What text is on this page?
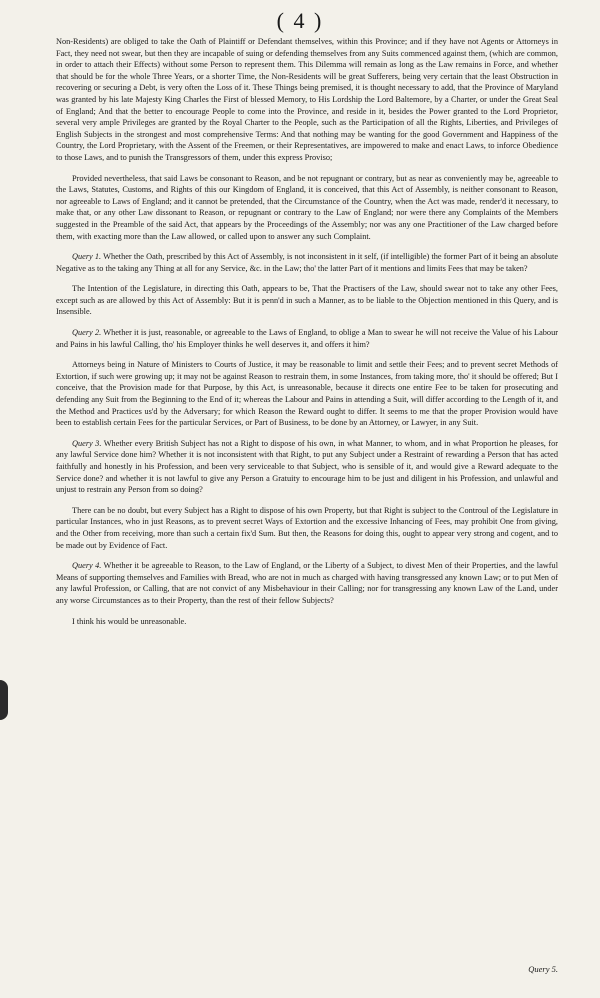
( 4 )

Non-Residents) are obliged to take the Oath of Plaintiff or Defendant themselves, within this Province; and if they have not Agents or Attorneys in Fact, they need not swear, but then they are incapable of suing or defending themselves from any Suits commenced against them, (which are common, in order to attach their Effects) without some Person to represent them. This Dilemma will remain as long as the Law remains in Force, and whether that should be for the whole Three Years, or a shorter Time, the Non-Residents will be great Sufferers, being very certain that the least Obstruction in recovering or securing a Debt, is very often the Loss of it. These Things being premised, it is thought necessary to add, that the Province of Maryland was granted by his late Majesty King Charles the First of blessed Memory, to His Lordship the Lord Baltemore, by a Charter, or under the Great Seal of England; And that the better to encourage People to come into the Province, and reside in it, besides the Power granted to the Lord Proprietor, several very ample Privileges are granted by the Royal Charter to the People, such as the Participation of all the Rights, Liberties, and Privileges of English Subjects in the strongest and most comprehensive Terms: And that nothing may be wanting for the good Government and Happiness of the Country, the Lord Proprietary, with the Assent of the Freemen, or their Representatives, are impowered to make and enact Laws, to inforce Obedience to those Laws, and to punish the Transgressors of them, under this express Proviso;

Provided nevertheless, that said Laws be consonant to Reason, and be not repugnant or contrary, but as near as conveniently may be, agreeable to the Laws, Statutes, Customs, and Rights of this our Kingdom of England, it is conceived, that this Act of Assembly, is neither consonant to Reason, nor agreeable to Laws of England; and it cannot be pretended, that the Circumstance of the Country, when the Act was made, render'd it necessary, to make that, or any other Law dissonant to Reason, or repugnant or contrary to the Law of England; nor were there any Complaints of the Members suggested in the Preamble of the said Act, that appears by the Proceedings of the Assembly; nor was any one Practitioner of the Law charged before them, with exacting more than the Law allowed, or called upon to answer any such Complaint.

Query 1. Whether the Oath, prescribed by this Act of Assembly, is not inconsistent in it self, (if intelligible) the former Part of it being an absolute Negative as to the taking any Thing at all for any Service, &c. in the Law; tho' the latter Part of it mentions and limits Fees that may be taken?

The Intention of the Legislature, in directing this Oath, appears to be, That the Practisers of the Law, should swear not to take any other Fees, except such as are allowed by this Act of Assembly: But it is penn'd in such a Manner, as to be liable to the Objection mentioned in this Query, and is Insensible.

Query 2. Whether it is just, reasonable, or agreeable to the Laws of England, to oblige a Man to swear he will not receive the Value of his Labour and Pains in his lawful Calling, tho' his Employer thinks he well deserves it, and offers it him?

Attorneys being in Nature of Ministers to Courts of Justice, it may be reasonable to limit and settle their Fees; and to prevent secret Methods of Extortion, if such were growing up; it may not be against Reason to restrain them, in some Instances, from taking more, tho' it should be offered; But I conceive, that the Provision made for that Purpose, by this Act, is unreasonable, because it directs one entire Fee to be taken for prosecuting and defending any Suit from the Beginning to the End of it; whereas the Labour and Pains in attending a Suit, will differ according to the Length of it, and the Method and Practices us'd by the Adversary; for which Reason the Reward ought to differ. It seems to me that the proper Provision would have been to establish certain Fees for the particular Services, or Part of Business, to be done by an Attorney, or Lawyer, in any Suit.

Query 3. Whether every British Subject has not a Right to dispose of his own, in what Manner, to whom, and in what Proportion he pleases, for any lawful Service done him? Whether it is not inconsistent with that Right, to put any Subject under a Restraint of rewarding a Person that has acted faithfully and honestly in his Profession, and been very serviceable to that Subject, who is sensible of it, and would give a Reward adequate to the Service done? and whether it is not lawful to give any Person a Gratuity to encourage him to be just and diligent in his Profession, and unlawful and unjust to restrain any Person from so doing?

There can be no doubt, but every Subject has a Right to dispose of his own Property, but that Right is subject to the Controul of the Legislature in particular Instances, who in just Reasons, as to prevent secret Ways of Extortion and the excessive Inhancing of Fees, may prohibit One from giving, and the Other from receiving, more than such a certain fix'd Sum. But then, the Reasons for doing this, ought to appear very strong and cogent, and to be made out by Evidence of Fact.

Query 4. Whether it be agreeable to Reason, to the Law of England, or the Liberty of a Subject, to divest Men of their Properties, and the lawful Means of supporting themselves and Families with Bread, who are not in much as charged with having transgressed any known Law; or to put Men of any lawful Profession, or Calling, that are not convict of any Misbehaviour in their Calling; nor for transgressing any known Law of the Land, under any worse Circumstances as to their Property, than the rest of their fellow Subjects?

I think his would be unreasonable.

Query 5.
